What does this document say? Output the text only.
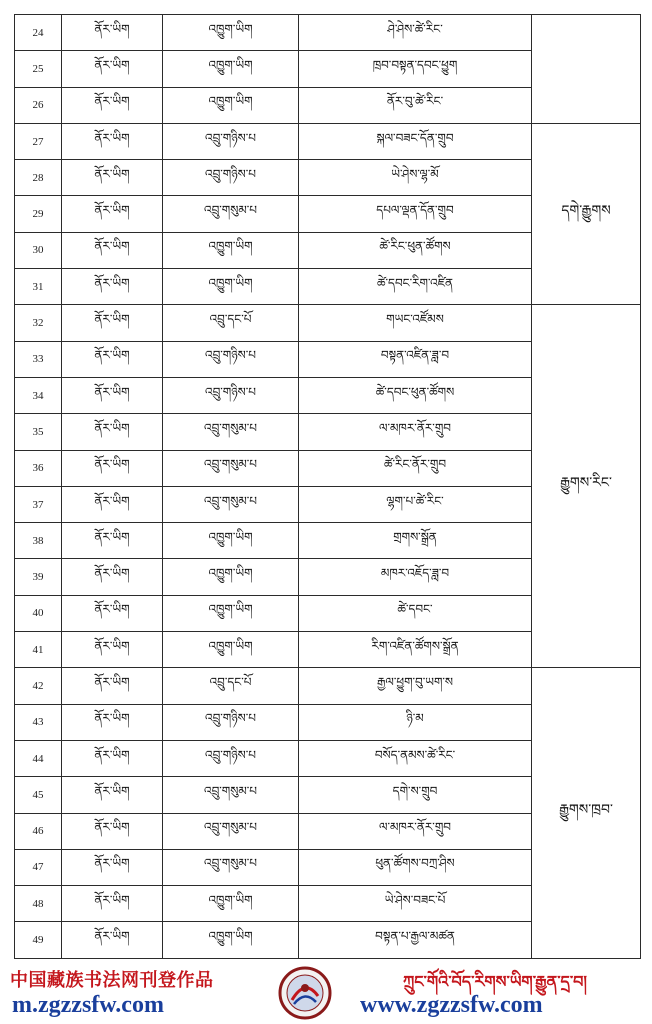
24	ནོར་ཡིག	འཁྱུག་ཡིག	ཤེ་ཤེས་ཚེ་རིང་	
25	ནོར་ཡིག	འཁྱུག་ཡིག	ཁྲབ་བསྟན་དབང་ཕྱུག	
26	ནོར་ཡིག	འཁྱུག་ཡིག	ནོར་བུ་ཚེ་རིང་	
27	ནོར་ཡིག	འབྲུ་གཉིས་པ	སྐལ་བཟང་དོན་གྲུབ	དགེ་རྒྱུགས
28	ནོར་ཡིག	འབྲུ་གཉིས་པ	ཡེ་ཤེས་ལྷ་མོ	
29	ནོར་ཡིག	འབྲུ་གསུམ་པ	དཔལ་ལྡན་དོན་གྲུབ	
30	ནོར་ཡིག	འཁྱུག་ཡིག	ཚེ་རིང་ཕུན་ཚོགས	
31	ནོར་ཡིག	འཁྱུག་ཡིག	ཚེ་དབང་རིག་འཛིན	
32	ནོར་ཡིག	འབྲུ་དང་པོ	གཡང་འཛོམས	རྒྱུགས་རིང་
33	ནོར་ཡིག	འབྲུ་གཉིས་པ	བསྟན་འཛིན་ཟླ་བ	
34	ནོར་ཡིག	འབྲུ་གཉིས་པ	ཚེ་དབང་ཕུན་ཚོགས	
35	ནོར་ཡིག	འབྲུ་གསུམ་པ	ལ་མཁར་ནོར་གྲུབ	
36	ནོར་ཡིག	འབྲུ་གསུམ་པ	ཚེ་རིང་ནོར་གྲུབ	
37	ནོར་ཡིག	འབྲུ་གསུམ་པ	ལྷག་པ་ཚེ་རིང་	
38	ནོར་ཡིག	འཁྱུག་ཡིག	གྲགས་སྒྲོན	
39	ནོར་ཡིག	འཁྱུག་ཡིག	མཁར་འཇོད་ཟླ་བ	
40	ནོར་ཡིག	འཁྱུག་ཡིག	ཚེ་དབང་	
41	ནོར་ཡིག	འཁྱུག་ཡིག	རིག་འཛིན་ཚོགས་སྒྲོན	
42	ནོར་ཡིག	འབྲུ་དང་པོ	རྒྱལ་ཕྱུག་བུ་ཡག་ས	རྒྱུགས་ཁྲབ་
43	ནོར་ཡིག	འབྲུ་གཉིས་པ	ཉི་མ	
44	ནོར་ཡིག	འབྲུ་གཉིས་པ	བསོད་ནམས་ཚེ་རིང་	
45	ནོར་ཡིག	འབྲུ་གསུམ་པ	དགེ་ས་གྲུབ	
46	ནོར་ཡིག	འབྲུ་གསུམ་པ	ལ་མཁར་ནོར་གྲུབ	
47	ནོར་ཡིག	འབྲུ་གསུམ་པ	ཕུན་ཚོགས་བཀྲ་ཤིས	
48	ནོར་ཡིག	འཁྱུག་ཡིག	ཡེ་ཤེས་བཟང་པོ	
49	ནོར་ཡིག	འཁྱུག་ཡིག	བསྟན་པ་རྒྱལ་མཚན	
中国藏族书法网刊登作品
m.zgzzsfw.com
ཀྲུང་གོའི་བོད་རིགས་ཡིག་རྒྱུན་དྲ་བ།
www.zgzzsfw.com
